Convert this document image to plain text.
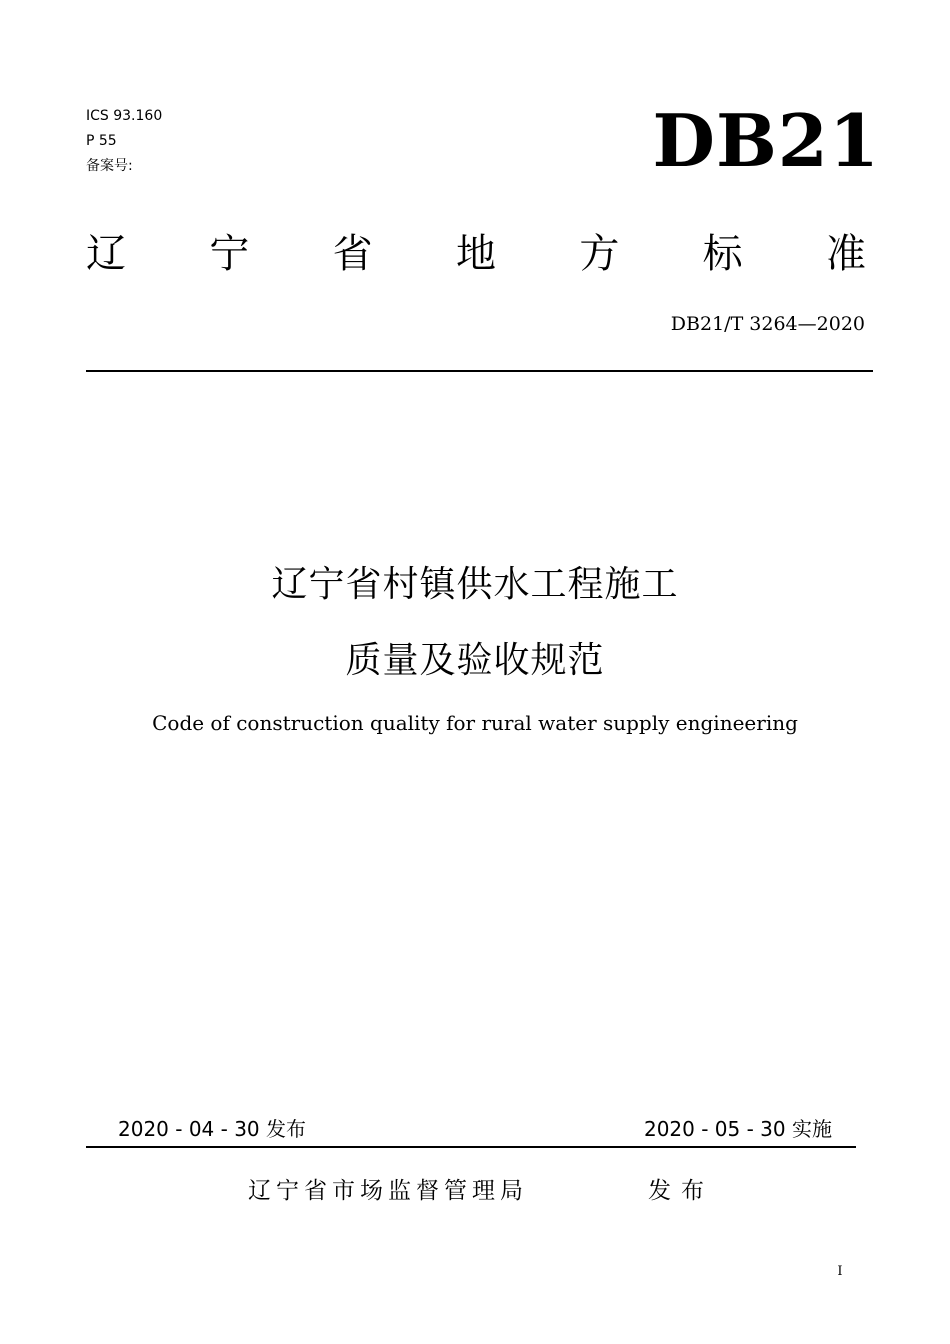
ICS 93.160
P 55
备案号:	DB21
辽 宁 省 地 方 标 准
DB21/T 3264—2020
辽宁省村镇供水工程施工
质量及验收规范
Code of construction quality for rural water supply engineering
2020 - 04 - 30 发布	2020 - 05 - 30 实施
辽宁省市场监督管理局	发布
I
